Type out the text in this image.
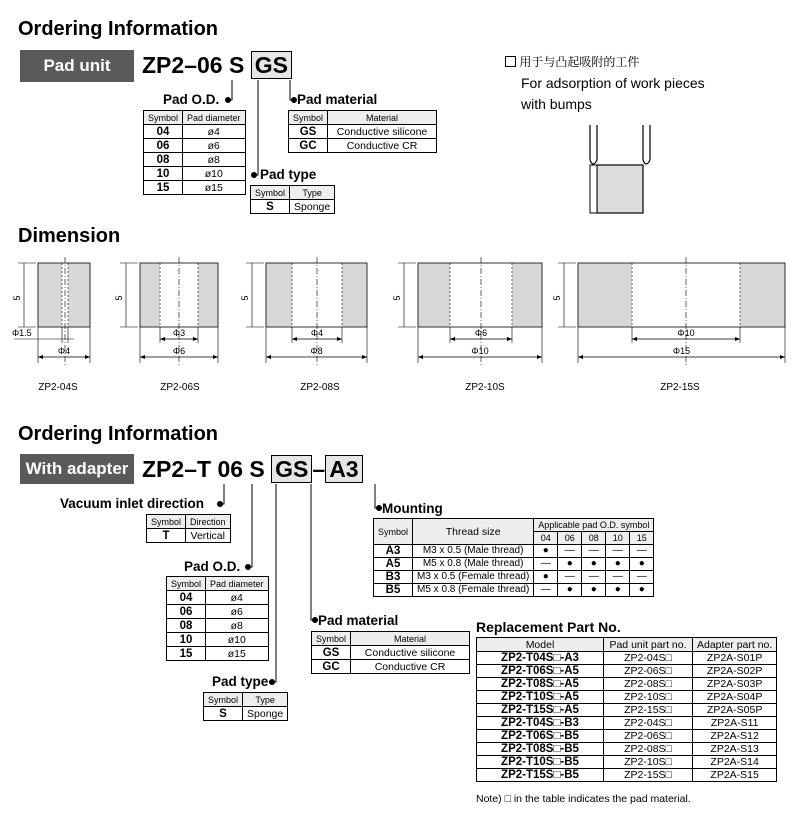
Ordering Information
Pad unit	ZP2–06 S GS
Pad O.D.
Symbol	Pad diameter
04	ø4
06	ø6
08	ø8
10	ø10
15	ø15
Pad material
Symbol	Material
GS	Conductive silicone
GC	Conductive CR
Pad type
Symbol	Type
S	Sponge
用于与凸起吸附的工件
For adsorption of work pieces
with bumps
Dimension
5
Φ4
Φ1.5
5
Φ6
Φ3
5
Φ8
Φ4
5
Φ10
Φ6
5
Φ15
Φ10
ZP2-04S	ZP2-06S	ZP2-08S	ZP2-10S	ZP2-15S
Ordering Information
With adapter ZP2–T 06 S GS – A3
Vacuum inlet direction
Symbol	Direction
T	Vertical
Pad O.D.
Symbol	Pad diameter
04	ø4
06	ø6
08	ø8
10	ø10
15	ø15
Pad type
Symbol	Type
S	Sponge
Pad material
Symbol	Material
GS	Conductive silicone
GC	Conductive CR
Mounting
Symbol	Thread size	Applicable pad O.D. symbol				
		04	06	08	10	15
A3	M3 x 0.5 (Male thread)	●	—	—	—	—
A5	M5 x 0.8 (Male thread)	—	●	●	●	●
B3	M3 x 0.5 (Female thread)	●	—	—	—	—
B5	M5 x 0.8 (Female thread)	—	●	●	●	●
Replacement Part No.
Model	Pad unit part no.	Adapter part no.
ZP2-T04S□-A3	ZP2-04S□	ZP2A-S01P
ZP2-T06S□-A5	ZP2-06S□	ZP2A-S02P
ZP2-T08S□-A5	ZP2-08S□	ZP2A-S03P
ZP2-T10S□-A5	ZP2-10S□	ZP2A-S04P
ZP2-T15S□-A5	ZP2-15S□	ZP2A-S05P
ZP2-T04S□-B3	ZP2-04S□	ZP2A-S11
ZP2-T06S□-B5	ZP2-06S□	ZP2A-S12
ZP2-T08S□-B5	ZP2-08S□	ZP2A-S13
ZP2-T10S□-B5	ZP2-10S□	ZP2A-S14
ZP2-T15S□-B5	ZP2-15S□	ZP2A-S15
Note) □ in the table indicates the pad material.
